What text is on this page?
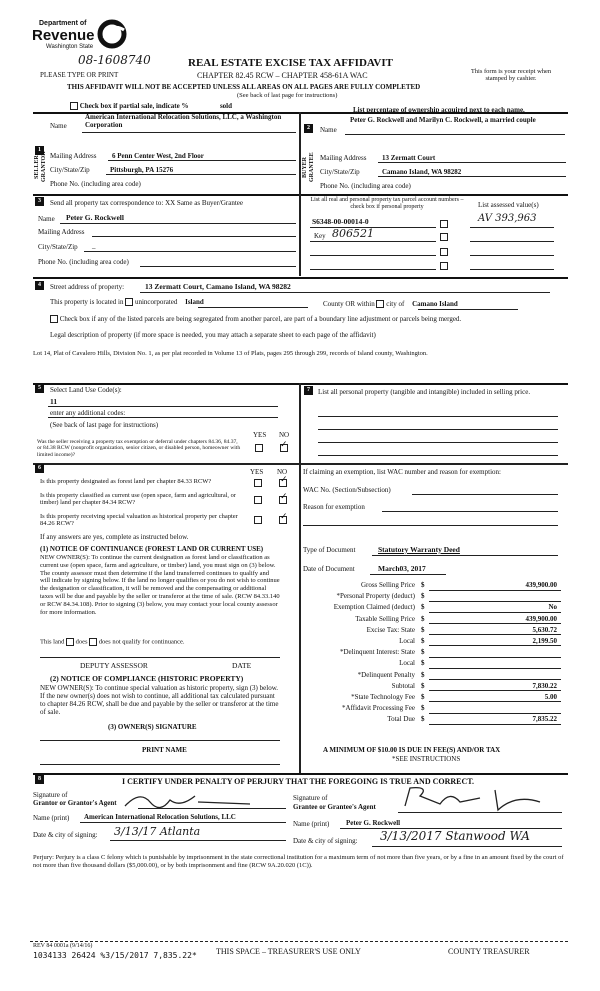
Department of
Revenue
Washington State
08-1608740	REAL ESTATE EXCISE TAX AFFIDAVIT
PLEASE TYPE OR PRINT	CHAPTER 82.45 RCW – CHAPTER 458-61A WAC	This form is your receipt when stamped by cashier.
THIS AFFIDAVIT WILL NOT BE ACCEPTED UNLESS ALL AREAS ON ALL PAGES ARE FULLY COMPLETED
(See back of last page for instructions)
Check box if partial sale, indicate %	sold	List percentage of ownership acquired next to each name.
1
SELLER GRANTOR
Name
American International Relocation Solutions, LLC, a Washington Corporation
Mailing Address 6 Penn Center West, 2nd Floor
City/State/Zip	Pittsburgh, PA 15276
Phone No. (including area code)
2
BUYER GRANTEE
Name
Peter G. Rockwell and Marilyn C. Rockwell, a married couple
Mailing Address 13 Zermatt Court
City/State/Zip	Camano Island, WA 98282
Phone No. (including area code)
3	Send all property tax correspondence to: XX Same as Buyer/Grantee
Name Peter G. Rockwell
Mailing Address
City/State/Zip _
Phone No. (including area code)
List all real and personal property tax parcel account numbers – check box if personal property	List assessed value(s)
S6348-00-00014-0
Key 806521
AV 393,963
4	Street address of property:	13 Zermatt Court, Camano Island, WA 98282
This property is located in unincorporated Island	County OR within city of Camano Island
Check box if any of the listed parcels are being segregated from another parcel, are part of a boundary line adjustment or parcels being merged.
Legal description of property (if more space is needed, you may attach a separate sheet to each page of the affidavit)
Lot 14, Plat of Cavalero Hills, Division No. 1, as per plat recorded in Volume 13 of Plats, pages 295 through 299, records of Island county, Washington.
5	Select Land Use Code(s):
11
enter any additional codes:
(See back of last page for instructions)
YES NO
Was the seller receiving a property tax exemption or deferral under chapters 84.36, 84.37, or 84.38 RCW (nonprofit organization, senior citizen, or disabled person, homeowner with limited income)?
✓
7	List all personal property (tangible and intangible) included in selling price.
6	YES NO
Is this property designated as forest land per chapter 84.33 RCW?	✓
Is this property classified as current use (open space, farm and agricultural, or timber) land per chapter 84.34 RCW?
✓
Is this property receiving special valuation as historical property per chapter 84.26 RCW?
✓
If any answers are yes, complete as instructed below.
(1) NOTICE OF CONTINUANCE (FOREST LAND OR CURRENT USE)
NEW OWNER(S): To continue the current designation as forest land or classification as current use (open space, farm and agriculture, or timber) land, you must sign on (3) below. The county assessor must then determine if the land transferred continues to qualify and will indicate by signing below. If the land no longer qualifies or you do not wish to continue the designation or classification, it will be removed and the compensating or additional taxes will be due and payable by the seller or transferor at the time of sale. (RCW 84.33.140 or RCW 84.34.108). Prior to signing (3) below, you may contact your local county assessor for more information.
This land does does not qualify for continuance.
DEPUTY ASSESSOR	DATE
(2) NOTICE OF COMPLIANCE (HISTORIC PROPERTY)
NEW OWNER(S): To continue special valuation as historic property, sign (3) below. If the new owner(s) does not wish to continue, all additional tax calculated pursuant to chapter 84.26 RCW, shall be due and payable by the seller or transferor at the time of sale.
(3) OWNER(S) SIGNATURE
PRINT NAME
If claiming an exemption, list WAC number and reason for exemption:
WAC No. (Section/Subsection)
Reason for exemption
Type of Document	Statutory Warranty Deed
Date of Document	March03, 2017
Gross Selling Price $	439,900.00
*Personal Property (deduct) $
Exemption Claimed (deduct) $	No
Taxable Selling Price $	439,900.00
Excise Tax: State $	5,630.72
Local $	2,199.50
*Delinquent Interest: State $
Local $
*Delinquent Penalty $
Subtotal $	7,830.22
*State Technology Fee $	5.00
*Affidavit Processing Fee $
Total Due $	7,835.22
A MINIMUM OF $10.00 IS DUE IN FEE(S) AND/OR TAX
*SEE INSTRUCTIONS
8	I CERTIFY UNDER PENALTY OF PERJURY THAT THE FOREGOING IS TRUE AND CORRECT.
Signature of
Grantor or Grantor's Agent
Name (print) American International Relocation Solutions, LLC
Date & city of signing: 3/13/17 Atlanta
Signature of
Grantee or Grantee's Agent
Name (print) Peter G. Rockwell
Date & city of signing: 3/13/2017 Stanwood WA
Perjury: Perjury is a class C felony which is punishable by imprisonment in the state correctional institution for a maximum term of not more than five years, or by a fine in an amount fixed by the court of not more than five thousand dollars ($5,000.00), or by both imprisonment and fine (RCW 9A.20.020 (1C)).
REV 84 0001a (9/14/16)
1034133 26424 %3/15/2017 7,835.22* THIS SPACE – TREASURER'S USE ONLY	COUNTY TREASURER
